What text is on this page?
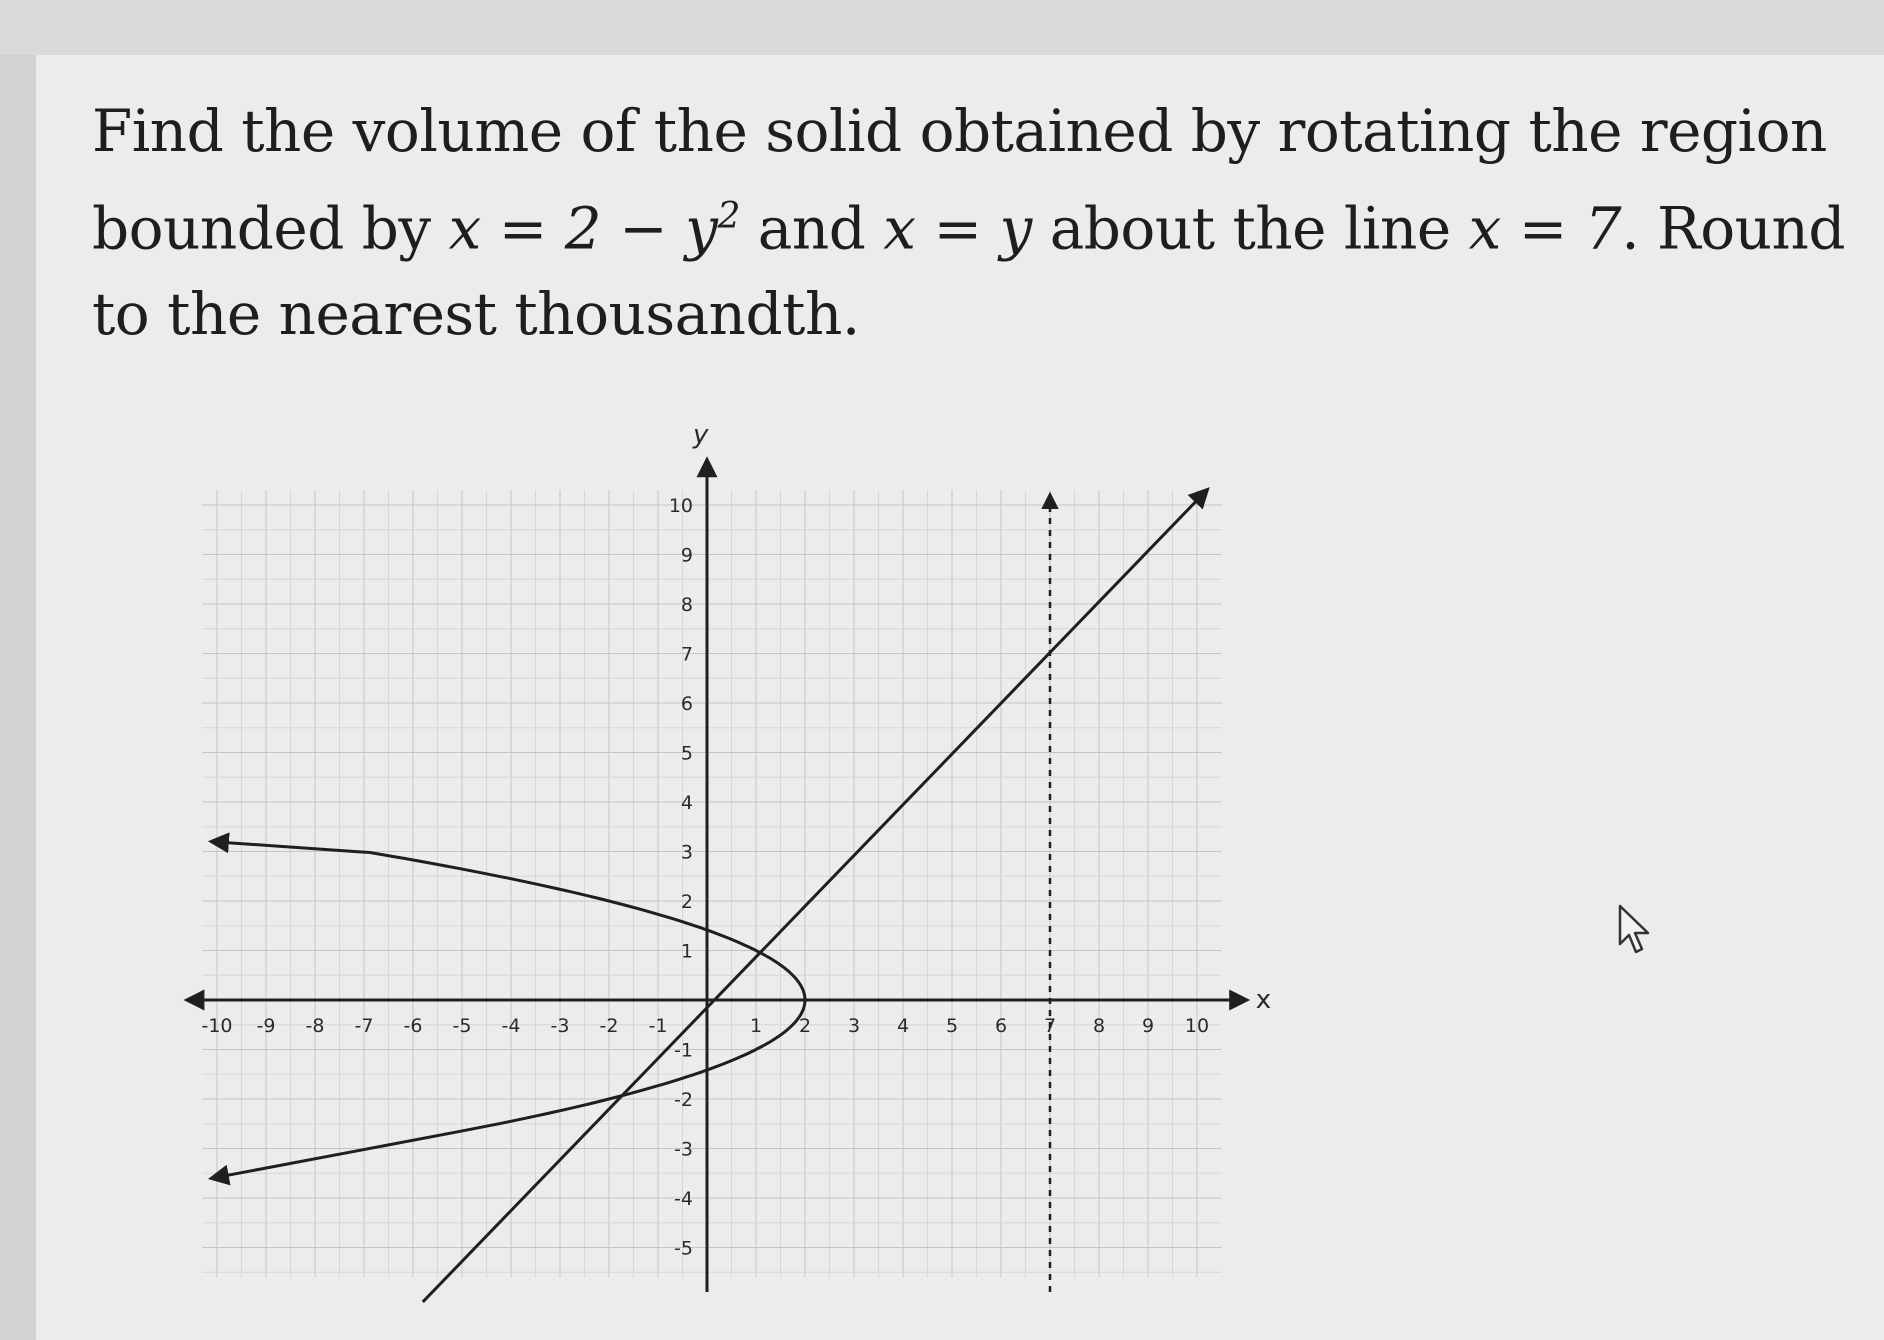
Find the volume of the solid obtained by rotating the region
bounded by $x = 2 - y^2$ and x = y about the line x = 7. Round
to the nearest thousandth.
x
y
-10 -9 -8 -7 -6 -5 -4 -3 -2 -1	1 2 3 4 5 6 7 8 9 10
10
9
8
7
6
5
4
3
2
1
-1
-2
-3
-4
-5
